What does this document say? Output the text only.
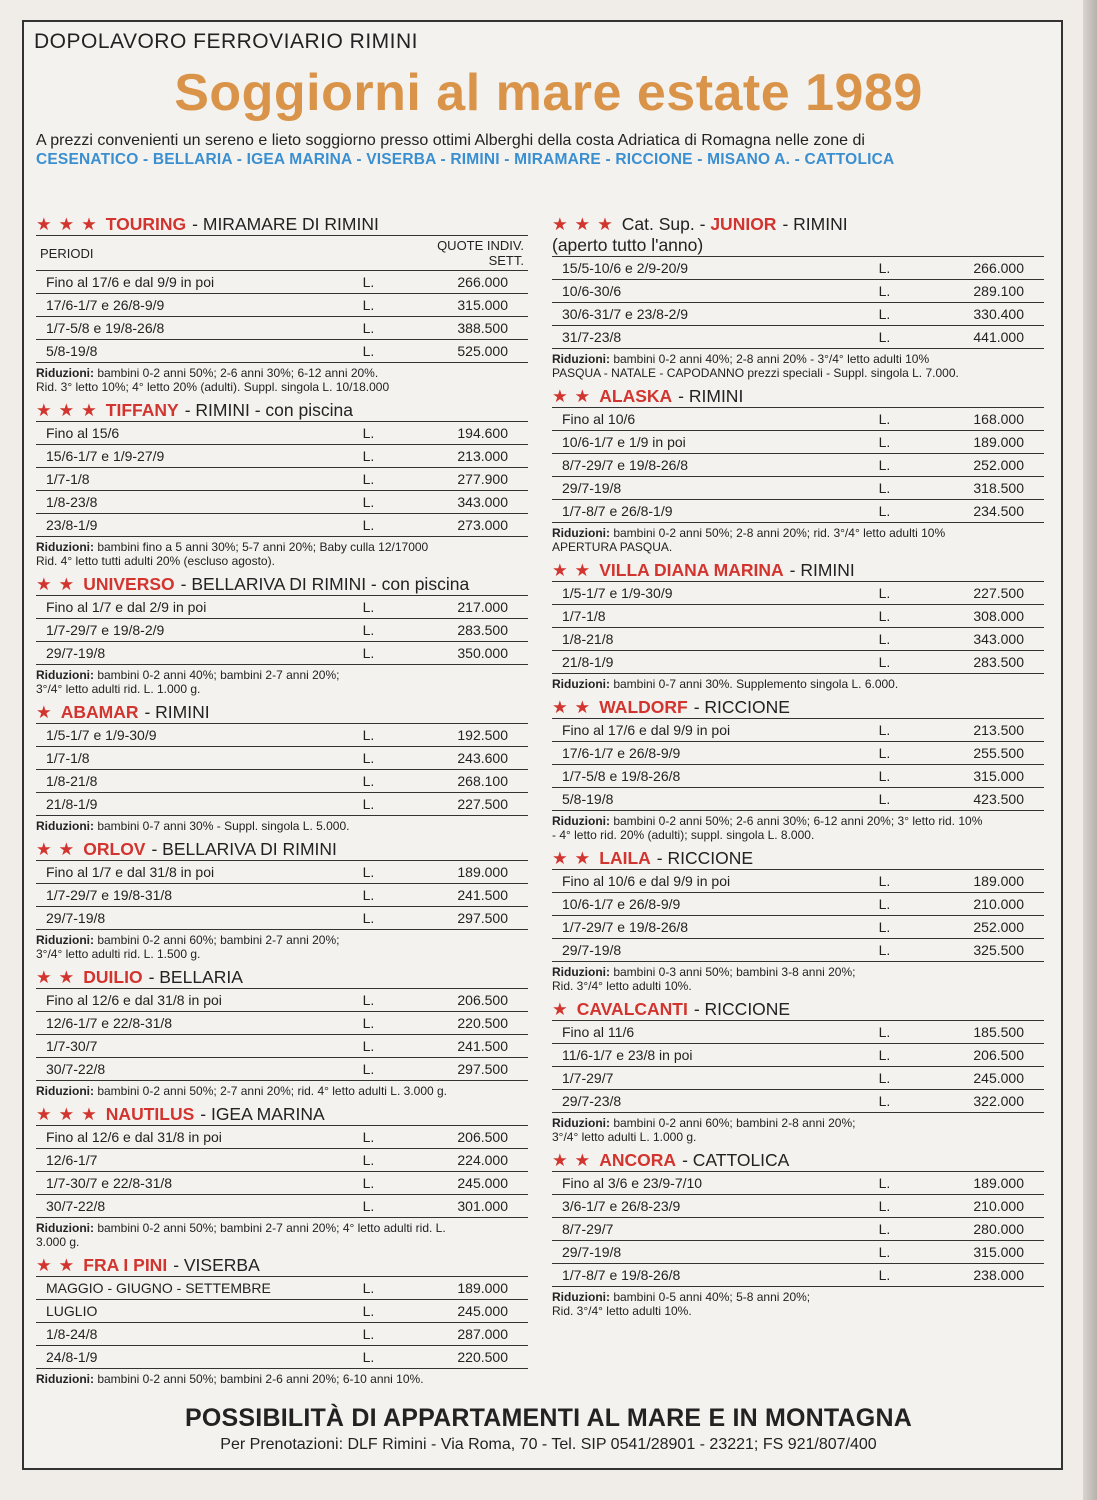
DOPOLAVORO FERROVIARIO RIMINI
Soggiorni al mare estate 1989
A prezzi convenienti un sereno e lieto soggiorno presso ottimi Alberghi della costa Adriatica di Romagna nelle zone di
CESENATICO - BELLARIA - IGEA MARINA - VISERBA - RIMINI - MIRAMARE - RICCIONE - MISANO A. - CATTOLICA
★ ★ ★ TOURING - MIRAMARE DI RIMINI
PERIODI		QUOTE INDIV. SETT.
Fino al 17/6 e dal 9/9 in poi	L.	266.000
17/6-1/7 e 26/8-9/9	L.	315.000
1/7-5/8 e 19/8-26/8	L.	388.500
5/8-19/8	L.	525.000
Riduzioni: bambini 0-2 anni 50%; 2-6 anni 30%; 6-12 anni 20%.
Rid. 3° letto 10%; 4° letto 20% (adulti). Suppl. singola L. 10/18.000
★ ★ ★ TIFFANY - RIMINI - con piscina
Fino al 15/6	L.	194.600
15/6-1/7 e 1/9-27/9	L.	213.000
1/7-1/8	L.	277.900
1/8-23/8	L.	343.000
23/8-1/9	L.	273.000
Riduzioni: bambini fino a 5 anni 30%; 5-7 anni 20%; Baby culla 12/17000
Rid. 4° letto tutti adulti 20% (escluso agosto).
★ ★ UNIVERSO - BELLARIVA DI RIMINI - con piscina
Fino al 1/7 e dal 2/9 in poi	L.	217.000
1/7-29/7 e 19/8-2/9	L.	283.500
29/7-19/8	L.	350.000
Riduzioni: bambini 0-2 anni 40%; bambini 2-7 anni 20%;
3°/4° letto adulti rid. L. 1.000 g.
★ ABAMAR - RIMINI
1/5-1/7 e 1/9-30/9	L.	192.500
1/7-1/8	L.	243.600
1/8-21/8	L.	268.100
21/8-1/9	L.	227.500
Riduzioni: bambini 0-7 anni 30% - Suppl. singola L. 5.000.
★ ★ ORLOV - BELLARIVA DI RIMINI
Fino al 1/7 e dal 31/8 in poi	L.	189.000
1/7-29/7 e 19/8-31/8	L.	241.500
29/7-19/8	L.	297.500
Riduzioni: bambini 0-2 anni 60%; bambini 2-7 anni 20%;
3°/4° letto adulti rid. L. 1.500 g.
★ ★ DUILIO - BELLARIA
Fino al 12/6 e dal 31/8 in poi	L.	206.500
12/6-1/7 e 22/8-31/8	L.	220.500
1/7-30/7	L.	241.500
30/7-22/8	L.	297.500
Riduzioni: bambini 0-2 anni 50%; 2-7 anni 20%; rid. 4° letto adulti L. 3.000 g.
★ ★ ★ NAUTILUS - IGEA MARINA
Fino al 12/6 e dal 31/8 in poi	L.	206.500
12/6-1/7	L.	224.000
1/7-30/7 e 22/8-31/8	L.	245.000
30/7-22/8	L.	301.000
Riduzioni: bambini 0-2 anni 50%; bambini 2-7 anni 20%; 4° letto adulti rid. L.
3.000 g.
★ ★ FRA I PINI - VISERBA
MAGGIO - GIUGNO - SETTEMBRE	L.	189.000
LUGLIO	L.	245.000
1/8-24/8	L.	287.000
24/8-1/9	L.	220.500
Riduzioni: bambini 0-2 anni 50%; bambini 2-6 anni 20%; 6-10 anni 10%.
★ ★ ★ Cat. Sup. - JUNIOR - RIMINI
(aperto tutto l'anno)
15/5-10/6 e 2/9-20/9	L.	266.000
10/6-30/6	L.	289.100
30/6-31/7 e 23/8-2/9	L.	330.400
31/7-23/8	L.	441.000
Riduzioni: bambini 0-2 anni 40%; 2-8 anni 20% - 3°/4° letto adulti 10%
PASQUA - NATALE - CAPODANNO prezzi speciali - Suppl. singola L. 7.000.
★ ★ ALASKA - RIMINI
Fino al 10/6	L.	168.000
10/6-1/7 e 1/9 in poi	L.	189.000
8/7-29/7 e 19/8-26/8	L.	252.000
29/7-19/8	L.	318.500
1/7-8/7 e 26/8-1/9	L.	234.500
Riduzioni: bambini 0-2 anni 50%; 2-8 anni 20%; rid. 3°/4° letto adulti 10%
APERTURA PASQUA.
★ ★ VILLA DIANA MARINA - RIMINI
1/5-1/7 e 1/9-30/9	L.	227.500
1/7-1/8	L.	308.000
1/8-21/8	L.	343.000
21/8-1/9	L.	283.500
Riduzioni: bambini 0-7 anni 30%. Supplemento singola L. 6.000.
★ ★ WALDORF - RICCIONE
Fino al 17/6 e dal 9/9 in poi	L.	213.500
17/6-1/7 e 26/8-9/9	L.	255.500
1/7-5/8 e 19/8-26/8	L.	315.000
5/8-19/8	L.	423.500
Riduzioni: bambini 0-2 anni 50%; 2-6 anni 30%; 6-12 anni 20%; 3° letto rid. 10%
- 4° letto rid. 20% (adulti); suppl. singola L. 8.000.
★ ★ LAILA - RICCIONE
Fino al 10/6 e dal 9/9 in poi	L.	189.000
10/6-1/7 e 26/8-9/9	L.	210.000
1/7-29/7 e 19/8-26/8	L.	252.000
29/7-19/8	L.	325.500
Riduzioni: bambini 0-3 anni 50%; bambini 3-8 anni 20%;
Rid. 3°/4° letto adulti 10%.
★ CAVALCANTI - RICCIONE
Fino al 11/6	L.	185.500
11/6-1/7 e 23/8 in poi	L.	206.500
1/7-29/7	L.	245.000
29/7-23/8	L.	322.000
Riduzioni: bambini 0-2 anni 60%; bambini 2-8 anni 20%;
3°/4° letto adulti L. 1.000 g.
★ ★ ANCORA - CATTOLICA
Fino al 3/6 e 23/9-7/10	L.	189.000
3/6-1/7 e 26/8-23/9	L.	210.000
8/7-29/7	L.	280.000
29/7-19/8	L.	315.000
1/7-8/7 e 19/8-26/8	L.	238.000
Riduzioni: bambini 0-5 anni 40%; 5-8 anni 20%;
Rid. 3°/4° letto adulti 10%.
POSSIBILITÀ DI APPARTAMENTI AL MARE E IN MONTAGNA
Per Prenotazioni: DLF Rimini - Via Roma, 70 - Tel. SIP 0541/28901 - 23221; FS 921/807/400
